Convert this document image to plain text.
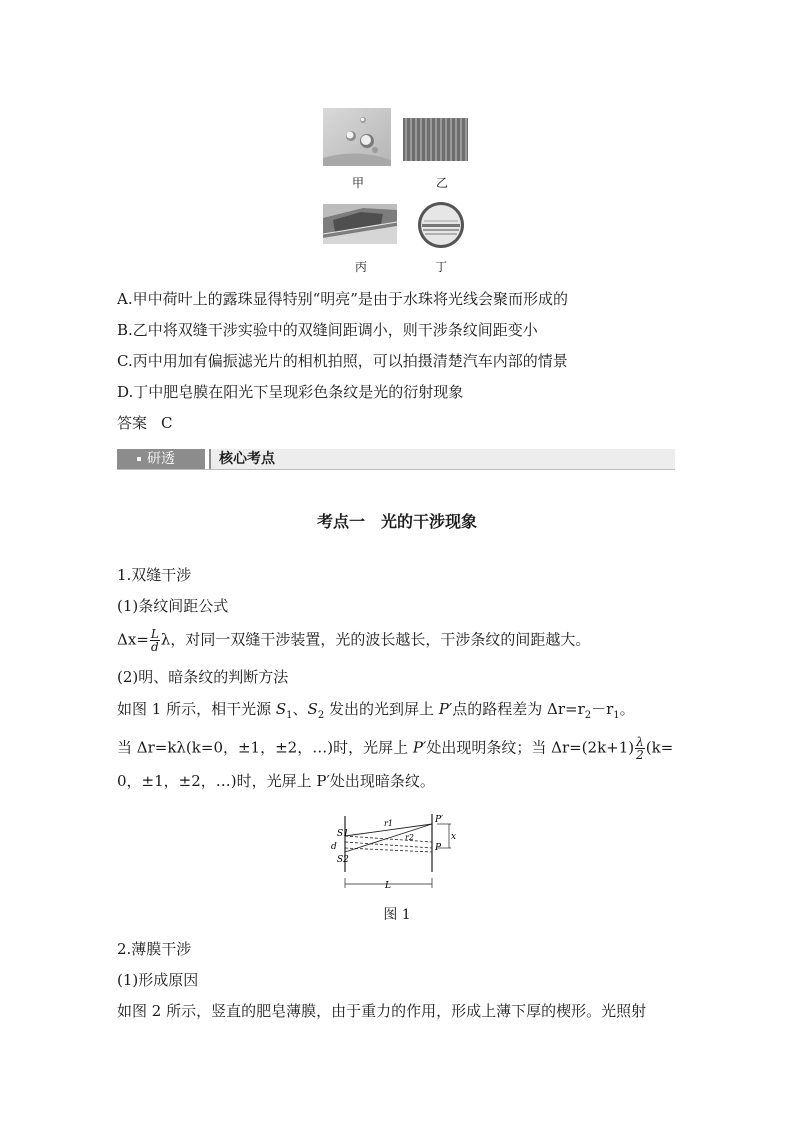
甲	乙
丙	丁
A.甲中荷叶上的露珠显得特别“明亮”是由于水珠将光线会聚而形成的
B.乙中将双缝干涉实验中的双缝间距调小，则干涉条纹间距变小
C.丙中用加有偏振滤光片的相机拍照，可以拍摄清楚汽车内部的情景
D.丁中肥皂膜在阳光下呈现彩色条纹是光的衍射现象
答案 C
研透	核心考点
考点一　光的干涉现象
1.双缝干涉
(1)条纹间距公式
$\Delta x= \frac{L}{d}$ λ，对同一双缝干涉装置，光的波长越长，干涉条纹的间距越大。
(2)明、暗条纹的判断方法
如图 1 所示，相干光源 $S_1$、$S_2$ 发出的光到屏上 P′点的路程差为 $\Delta r=r_2-r_1$。
当 Δr=kλ(k=0，±1，±2，…)时，光屏上 P′处出现明条纹；当 $\Delta r=(2k+1) \frac{\lambda}{2} (k=$
0，±1，±2，…)时，光屏上 P′处出现暗条纹。
S1
S2
d
r1
r2
P′
P
x
L
图 1
2.薄膜干涉
(1)形成原因
如图 2 所示，竖直的肥皂薄膜，由于重力的作用，形成上薄下厚的楔形。光照射
